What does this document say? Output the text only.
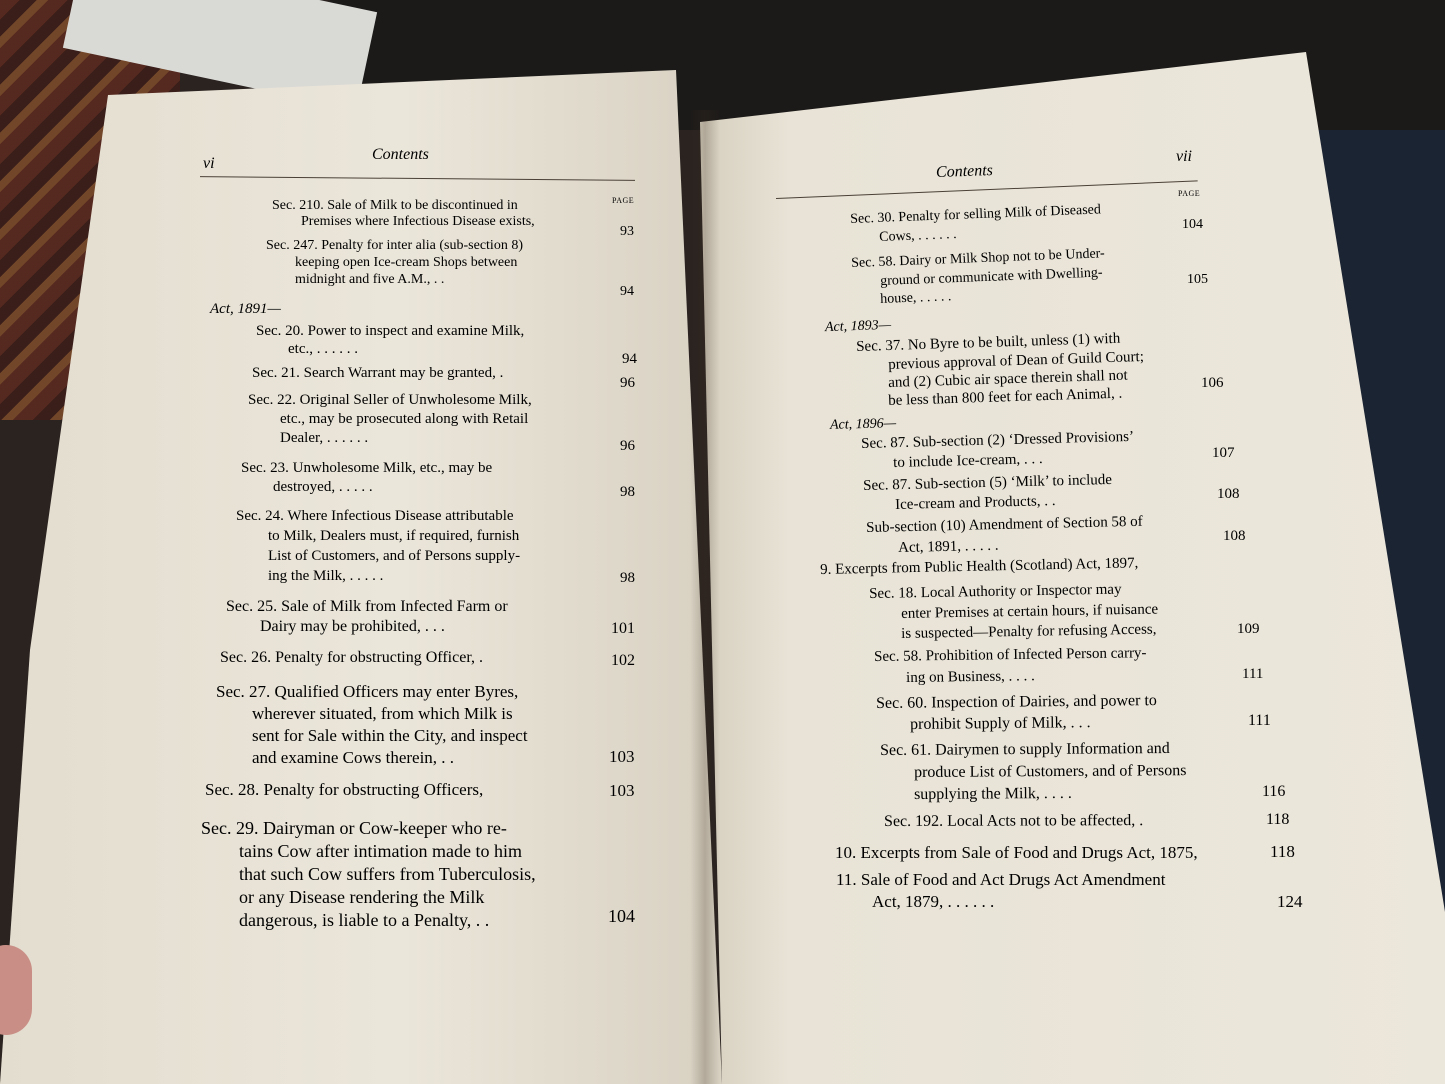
vi
Contents
PAGE
Contents
vii
PAGE
Sec. 210. Sale of Milk to be discontinued in
Premises where Infectious Disease exists,
93
Sec. 247. Penalty for inter alia (sub-section 8)
keeping open Ice-cream Shops between
midnight and five A.M., . .
94
Act, 1891—
Sec. 20. Power to inspect and examine Milk,
etc., . . . . . .
94
Sec. 21. Search Warrant may be granted, .
96
Sec. 22. Original Seller of Unwholesome Milk,
etc., may be prosecuted along with Retail
Dealer, . . . . . .	96
Sec. 23. Unwholesome Milk, etc., may be
destroyed, . . . . .	98
Sec. 24. Where Infectious Disease attributable
to Milk, Dealers must, if required, furnish
List of Customers, and of Persons supply-
ing the Milk, . . . . .	98
Sec. 25. Sale of Milk from Infected Farm or
Dairy may be prohibited, . . .	101
Sec. 26. Penalty for obstructing Officer, .	102
Sec. 27. Qualified Officers may enter Byres,
wherever situated, from which Milk is
sent for Sale within the City, and inspect
and examine Cows therein, . .	103
Sec. 28. Penalty for obstructing Officers,	103
Sec. 29. Dairyman or Cow-keeper who re-
tains Cow after intimation made to him
that such Cow suffers from Tuberculosis,
or any Disease rendering the Milk
dangerous, is liable to a Penalty, . .	104
Sec. 30. Penalty for selling Milk of Diseased
Cows, . . . . . .
104
Sec. 58. Dairy or Milk Shop not to be Under-
ground or communicate with Dwelling-
house, . . . . .
105
Act, 1893—
Sec. 37. No Byre to be built, unless (1) with
previous approval of Dean of Guild Court;
and (2) Cubic air space therein shall not
be less than 800 feet for each Animal, .
106
Act, 1896—
Sec. 87. Sub-section (2) ‘Dressed Provisions’
to include Ice-cream, . . .	107
Sec. 87. Sub-section (5) ‘Milk’ to include
Ice-cream and Products, . .	108
Sub-section (10) Amendment of Section 58 of
Act, 1891, . . . . .
108
9. Excerpts from Public Health (Scotland) Act, 1897,
Sec. 18. Local Authority or Inspector may
enter Premises at certain hours, if nuisance
is suspected—Penalty for refusing Access,	109
Sec. 58. Prohibition of Infected Person carry-
ing on Business, . . . .	111
Sec. 60. Inspection of Dairies, and power to
prohibit Supply of Milk, . . .	111
Sec. 61. Dairymen to supply Information and
produce List of Customers, and of Persons
supplying the Milk, . . . .	116
Sec. 192. Local Acts not to be affected, .	118
10. Excerpts from Sale of Food and Drugs Act, 1875,	118
11. Sale of Food and Act Drugs Act Amendment
Act, 1879, . . . . . .	124
